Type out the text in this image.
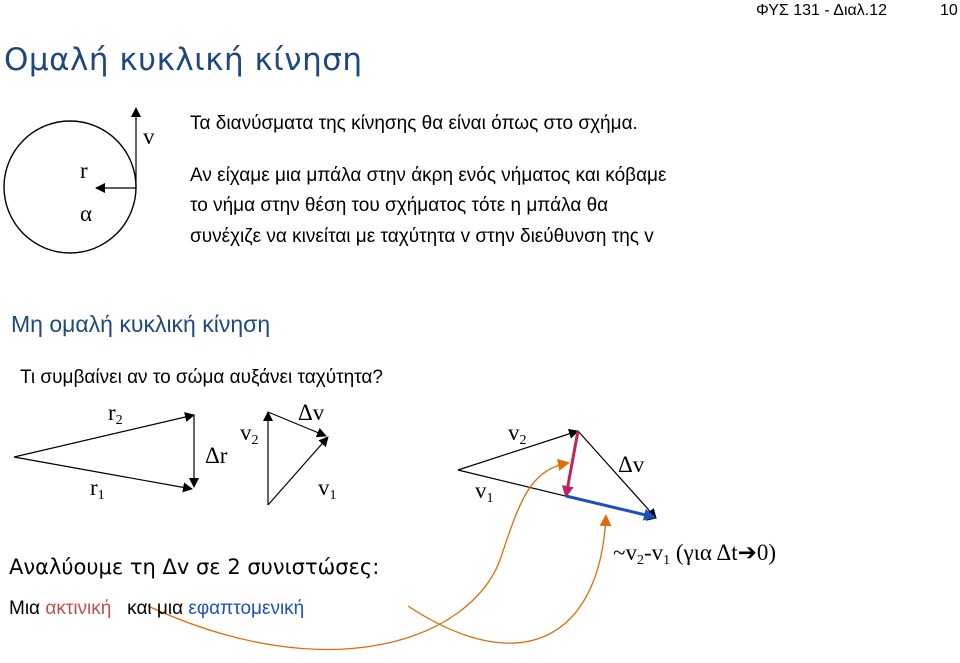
ΦΥΣ 131 - Διαλ.12	10
Ομαλή κυκλική κίνηση
r
α
v
Τα διανύσματα της κίνησης θα είναι όπως στο σχήμα.
Αν είχαμε μια μπάλα στην άκρη ενός νήματος και κόβαμε
το νήμα στην θέση του σχήματος τότε η μπάλα θα
συνέχιζε να κινείται με ταχύτητα v στην διεύθυνση της v
Μη ομαλή κυκλική κίνηση
Τι συμβαίνει αν το σώμα αυξάνει ταχύτητα?
$r_2$
$r_1$
Δr
$v_2$
Δv
$v_1$
$v_2$
$v_1$
Δv
$\sim v_2-v_1$ (για Δt➔0)
Αναλύουμε τη Δv σε 2 συνιστώσες:
Μια ακτινική και μια εφαπτομενική
